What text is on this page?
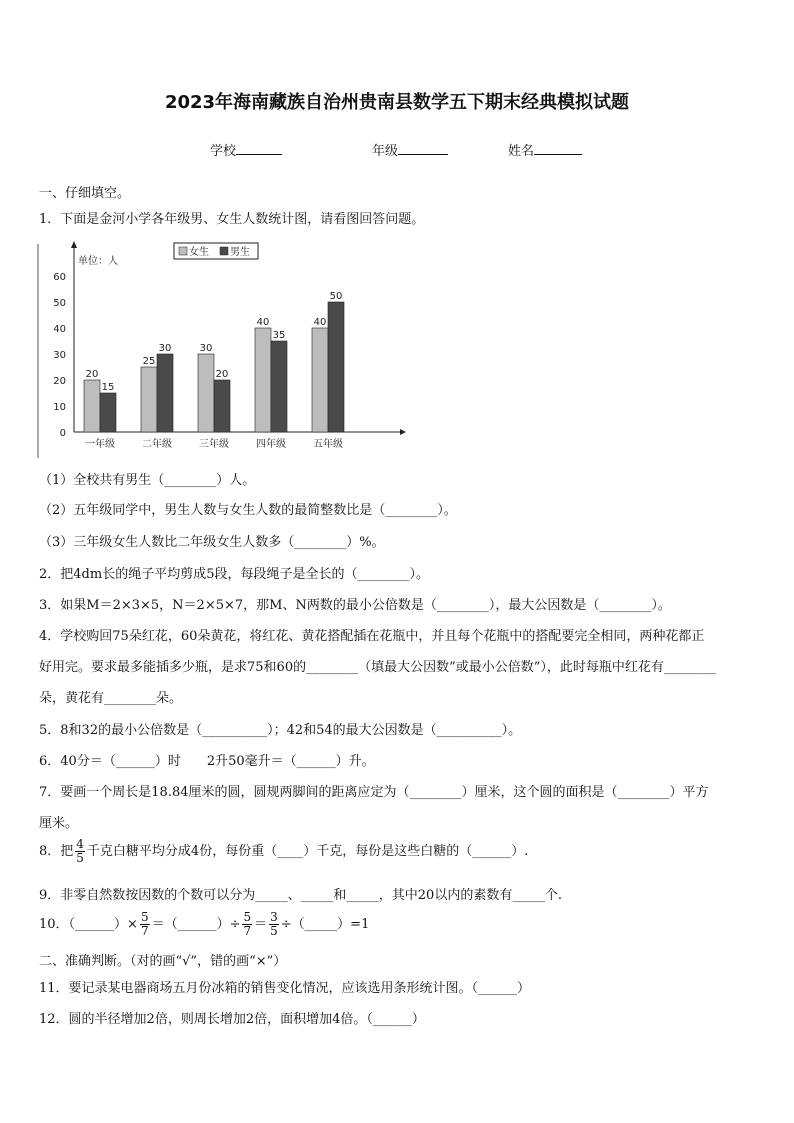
2023年海南藏族自治州贵南县数学五下期末经典模拟试题
学校	年级	姓名
一、仔细填空。
1．下面是金河小学各年级男、女生人数统计图，请看图回答问题。
0
10
20
30
40
50
60
单位：人
女生 男生
20
15
一年级
25
30
二年级
30
20
三年级
40
35
四年级
40
50
五年级
（1）全校共有男生（________）人。
（2）五年级同学中，男生人数与女生人数的最简整数比是（________）。
（3）三年级女生人数比二年级女生人数多（________）%。
2．把4dm长的绳子平均剪成5段，每段绳子是全长的（________）。
3．如果M＝2×3×5，N＝2×5×7，那M、N两数的最小公倍数是（________），最大公因数是（________）。
4．学校购回75朵红花，60朵黄花，将红花、黄花搭配插在花瓶中，并且每个花瓶中的搭配要完全相同，两种花都正
好用完。要求最多能插多少瓶，是求75和60的________（填最大公因数”或最小公倍数”），此时每瓶中红花有________
朵，黄花有________朵。
5．8和32的最小公倍数是（__________）；42和54的最大公因数是（__________）。
6．40分＝（______）时　　2升50毫升＝（______）升。
7．要画一个周长是18.84厘米的圆，圆规两脚间的距离应定为（________）厘米，这个圆的面积是（________）平方
厘米。
8．把 $\frac{4}{5}$ 千克白糖平均分成4份，每份重（____）千克，每份是这些白糖的（______）.
9．非零自然数按因数的个数可以分为_____、_____和_____，其中20以内的素数有_____个.
10．（______）× $\frac{5}{7}$ ＝（______）÷ $\frac{5}{7} = \frac{3}{5}$ ÷（_____）=1
二、准确判断。（对的画“√”，错的画“×”）
11．要记录某电器商场五月份冰箱的销售变化情况，应该选用条形统计图。（______）
12．圆的半径增加2倍，则周长增加2倍，面积增加4倍。（______）
